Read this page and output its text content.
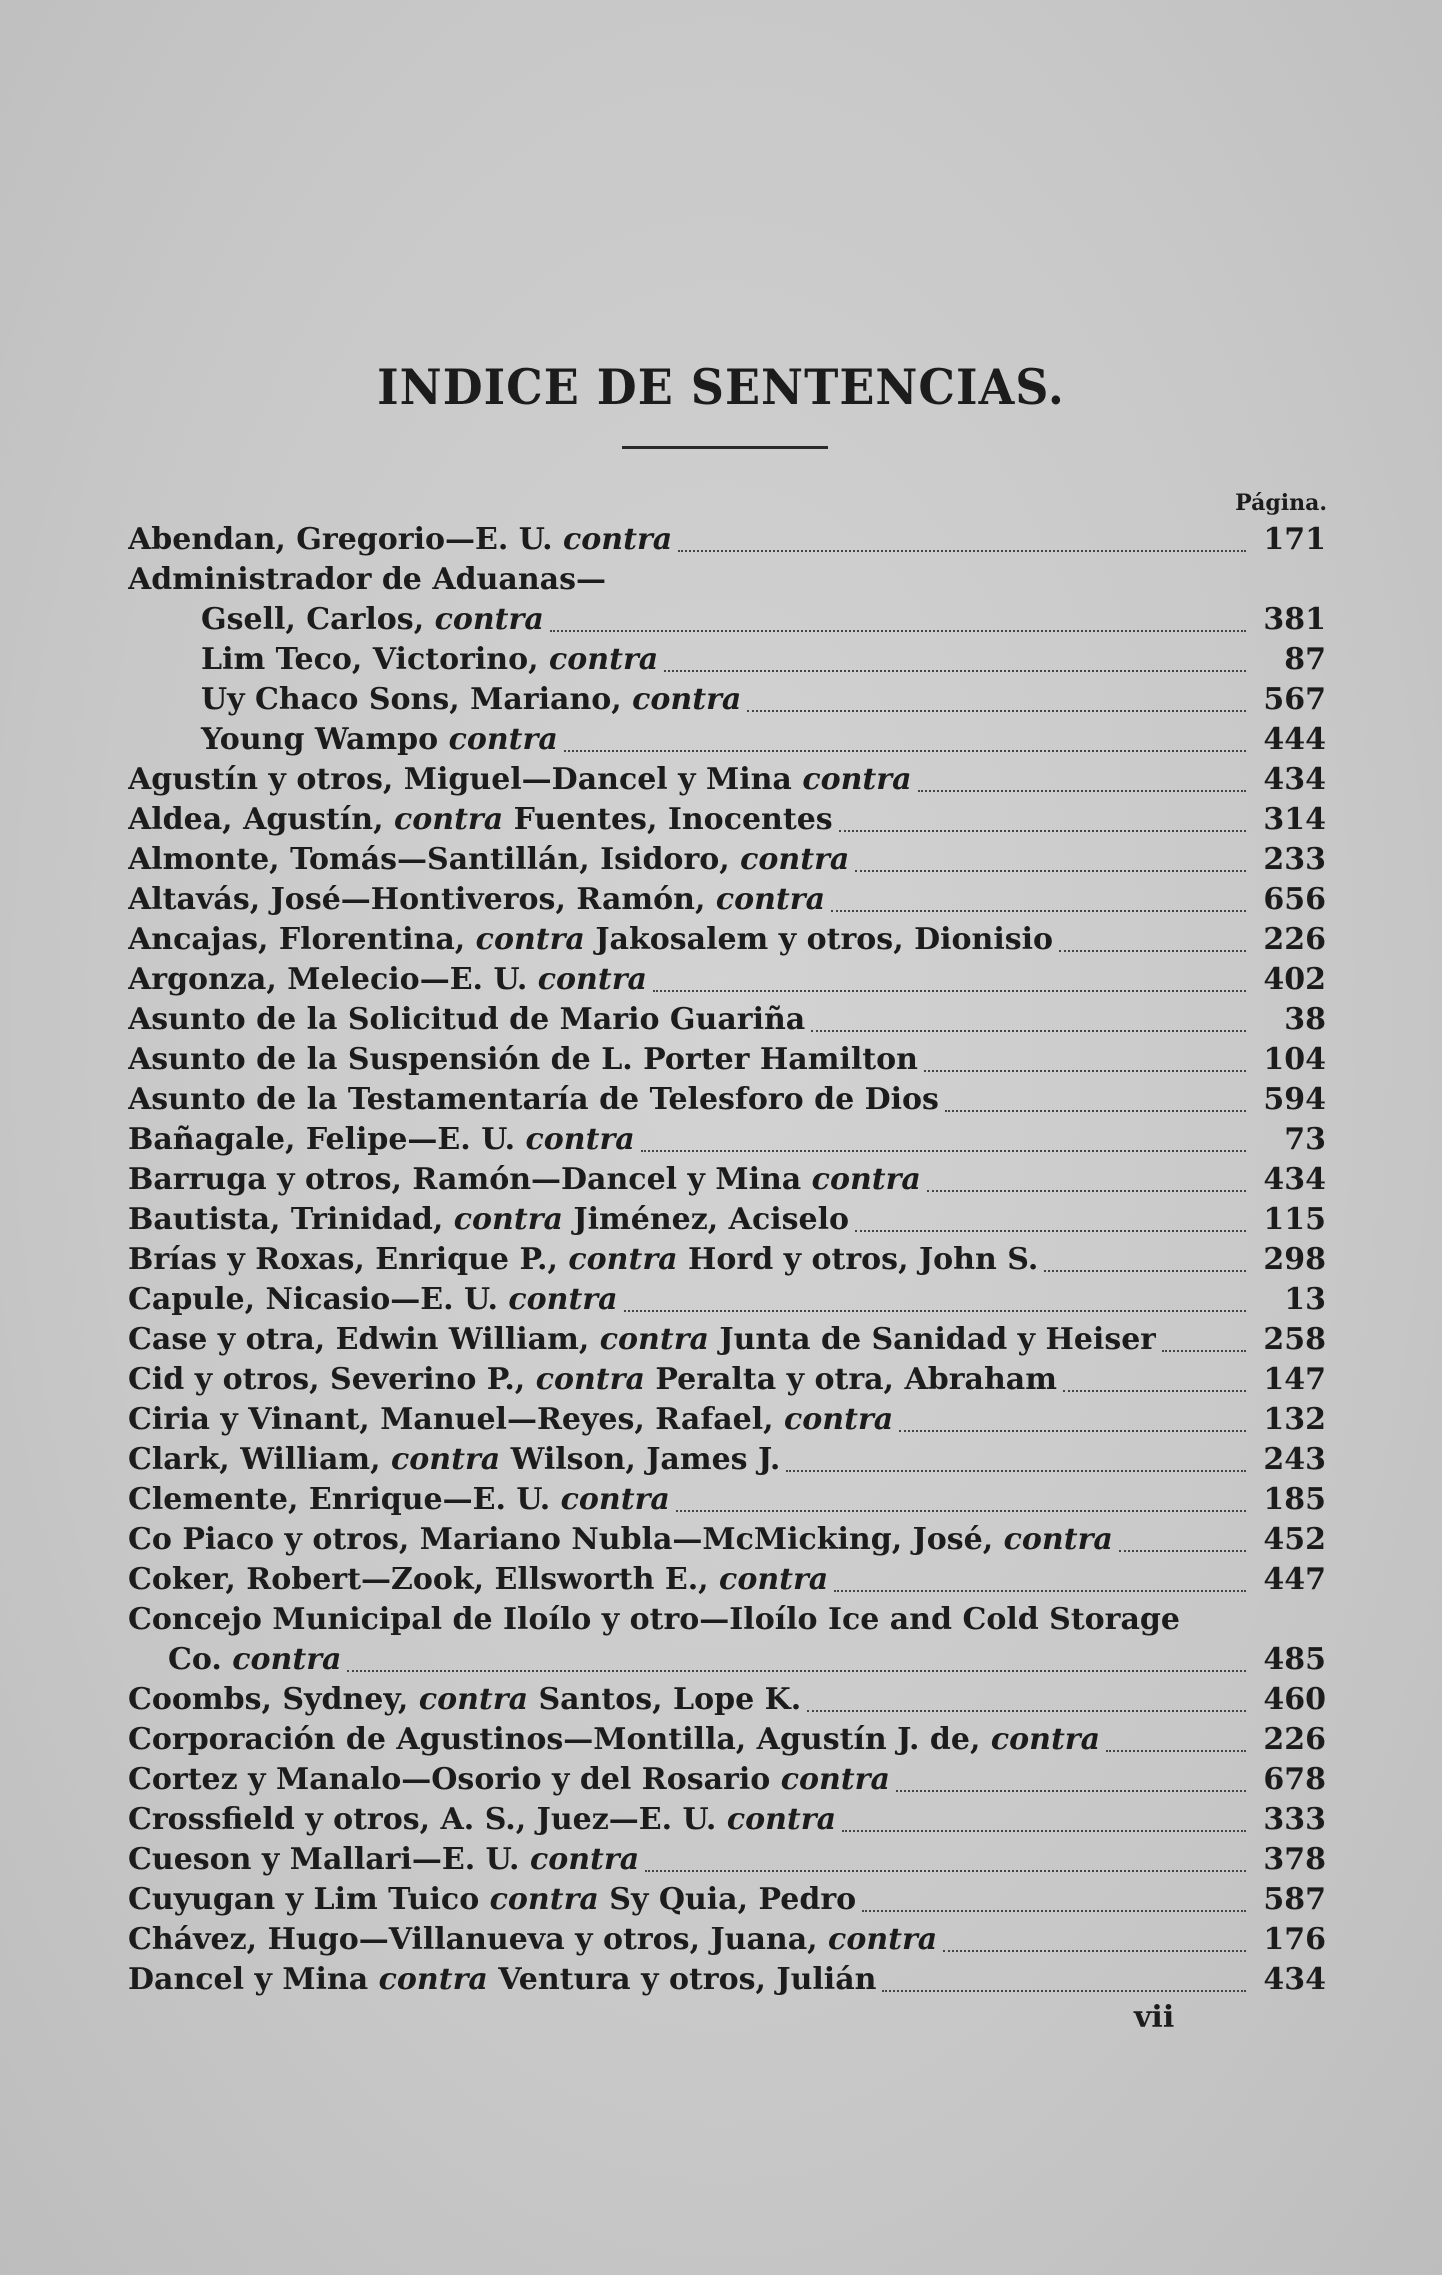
INDICE DE SENTENCIAS.
Página.
Abendan, Gregorio—E. U. contra	171
Administrador de Aduanas—
Gsell, Carlos, contra	381
Lim Teco, Victorino, contra	87
Uy Chaco Sons, Mariano, contra	567
Young Wampo contra	444
Agustín y otros, Miguel—Dancel y Mina contra	434
Aldea, Agustín, contra Fuentes, Inocentes	314
Almonte, Tomás—Santillán, Isidoro, contra	233
Altavás, José—Hontiveros, Ramón, contra	656
Ancajas, Florentina, contra Jakosalem y otros, Dionisio	226
Argonza, Melecio—E. U. contra	402
Asunto de la Solicitud de Mario Guariña	38
Asunto de la Suspensión de L. Porter Hamilton	104
Asunto de la Testamentaría de Telesforo de Dios	594
Bañagale, Felipe—E. U. contra	73
Barruga y otros, Ramón—Dancel y Mina contra	434
Bautista, Trinidad, contra Jiménez, Aciselo	115
Brías y Roxas, Enrique P., contra Hord y otros, John S.	298
Capule, Nicasio—E. U. contra	13
Case y otra, Edwin William, contra Junta de Sanidad y Heiser	258
Cid y otros, Severino P., contra Peralta y otra, Abraham	147
Ciria y Vinant, Manuel—Reyes, Rafael, contra	132
Clark, William, contra Wilson, James J.	243
Clemente, Enrique—E. U. contra	185
Co Piaco y otros, Mariano Nubla—McMicking, José, contra	452
Coker, Robert—Zook, Ellsworth E., contra	447
Concejo Municipal de Iloílo y otro—Iloílo Ice and Cold Storage
Co. contra	485
Coombs, Sydney, contra Santos, Lope K.	460
Corporación de Agustinos—Montilla, Agustín J. de, contra	226
Cortez y Manalo—Osorio y del Rosario contra	678
Crossfield y otros, A. S., Juez—E. U. contra	333
Cueson y Mallari—E. U. contra	378
Cuyugan y Lim Tuico contra Sy Quia, Pedro	587
Chávez, Hugo—Villanueva y otros, Juana, contra	176
Dancel y Mina contra Ventura y otros, Julián	434
vii
